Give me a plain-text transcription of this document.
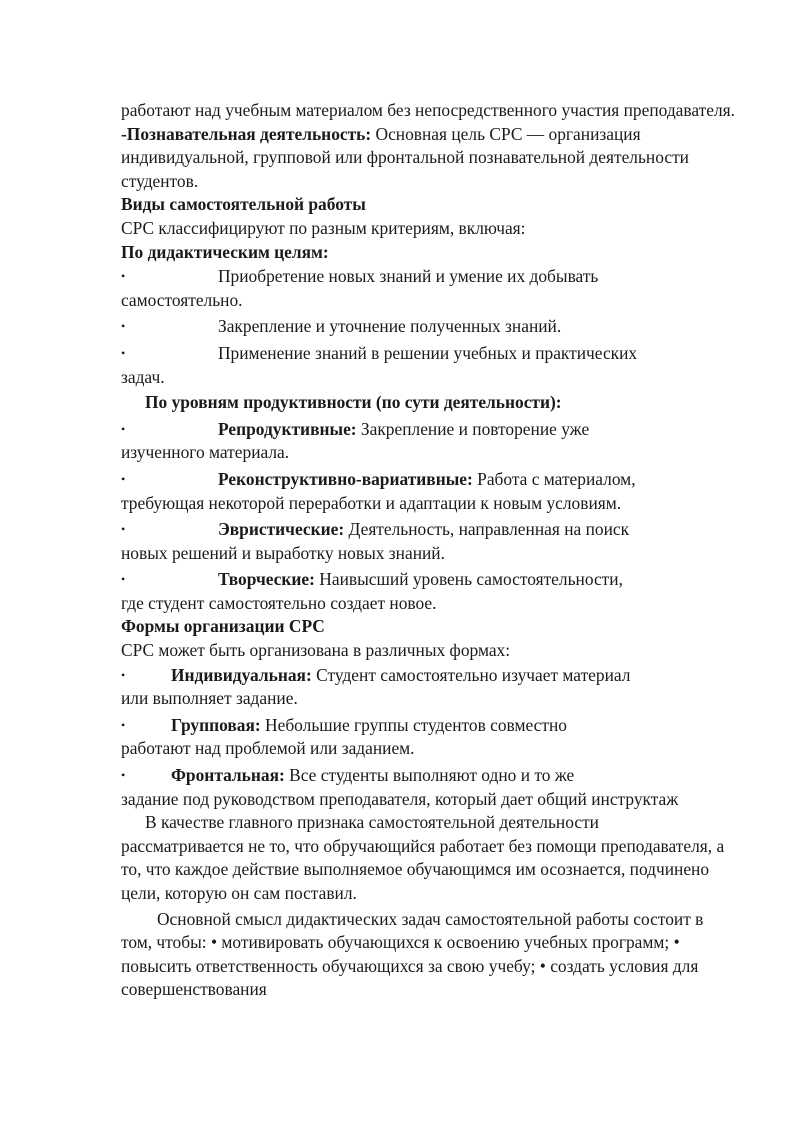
работают над учебным материалом без непосредственного участия преподавателя.

-Познавательная деятельность: Основная цель СРС — организация индивидуальной, групповой или фронтальной познавательной деятельности студентов.

Виды самостоятельной работы

СРС классифицируют по разным критериям, включая:

По дидактическим целям:

•	Приобретение новых знаний и умение их добывать
самостоятельно.
•	Закрепление и уточнение полученных знаний.
•	Применение знаний в решении учебных и практических
задач.

По уровням продуктивности (по сути деятельности):

•	Репродуктивные: Закрепление и повторение уже
изученного материала.
•	Реконструктивно-вариативные: Работа с материалом,
требующая некоторой переработки и адаптации к новым условиям.
•	Эвристические: Деятельность, направленная на поиск
новых решений и выработку новых знаний.
•	Творческие: Наивысший уровень самостоятельности,
где студент самостоятельно создает новое.

Формы организации СРС

СРС может быть организована в различных формах:

•	Индивидуальная: Студент самостоятельно изучает материал
или выполняет задание.
•	Групповая: Небольшие группы студентов совместно
работают над проблемой или заданием.
•	Фронтальная: Все студенты выполняют одно и то же
задание под руководством преподавателя, который дает общий инструктаж

В качестве главного признака самостоятельной деятельности рассматривается не то, что обручающийся работает без помощи преподавателя, а то, что каждое действие выполняемое обучающимся им осознается, подчинено цели, которую он сам поставил.

Основной смысл дидактических задач самостоятельной работы состоит в том, чтобы: • мотивировать обучающихся к освоению учебных программ; • повысить ответственность обучающихся за свою учебу; • создать условия для совершенствования
